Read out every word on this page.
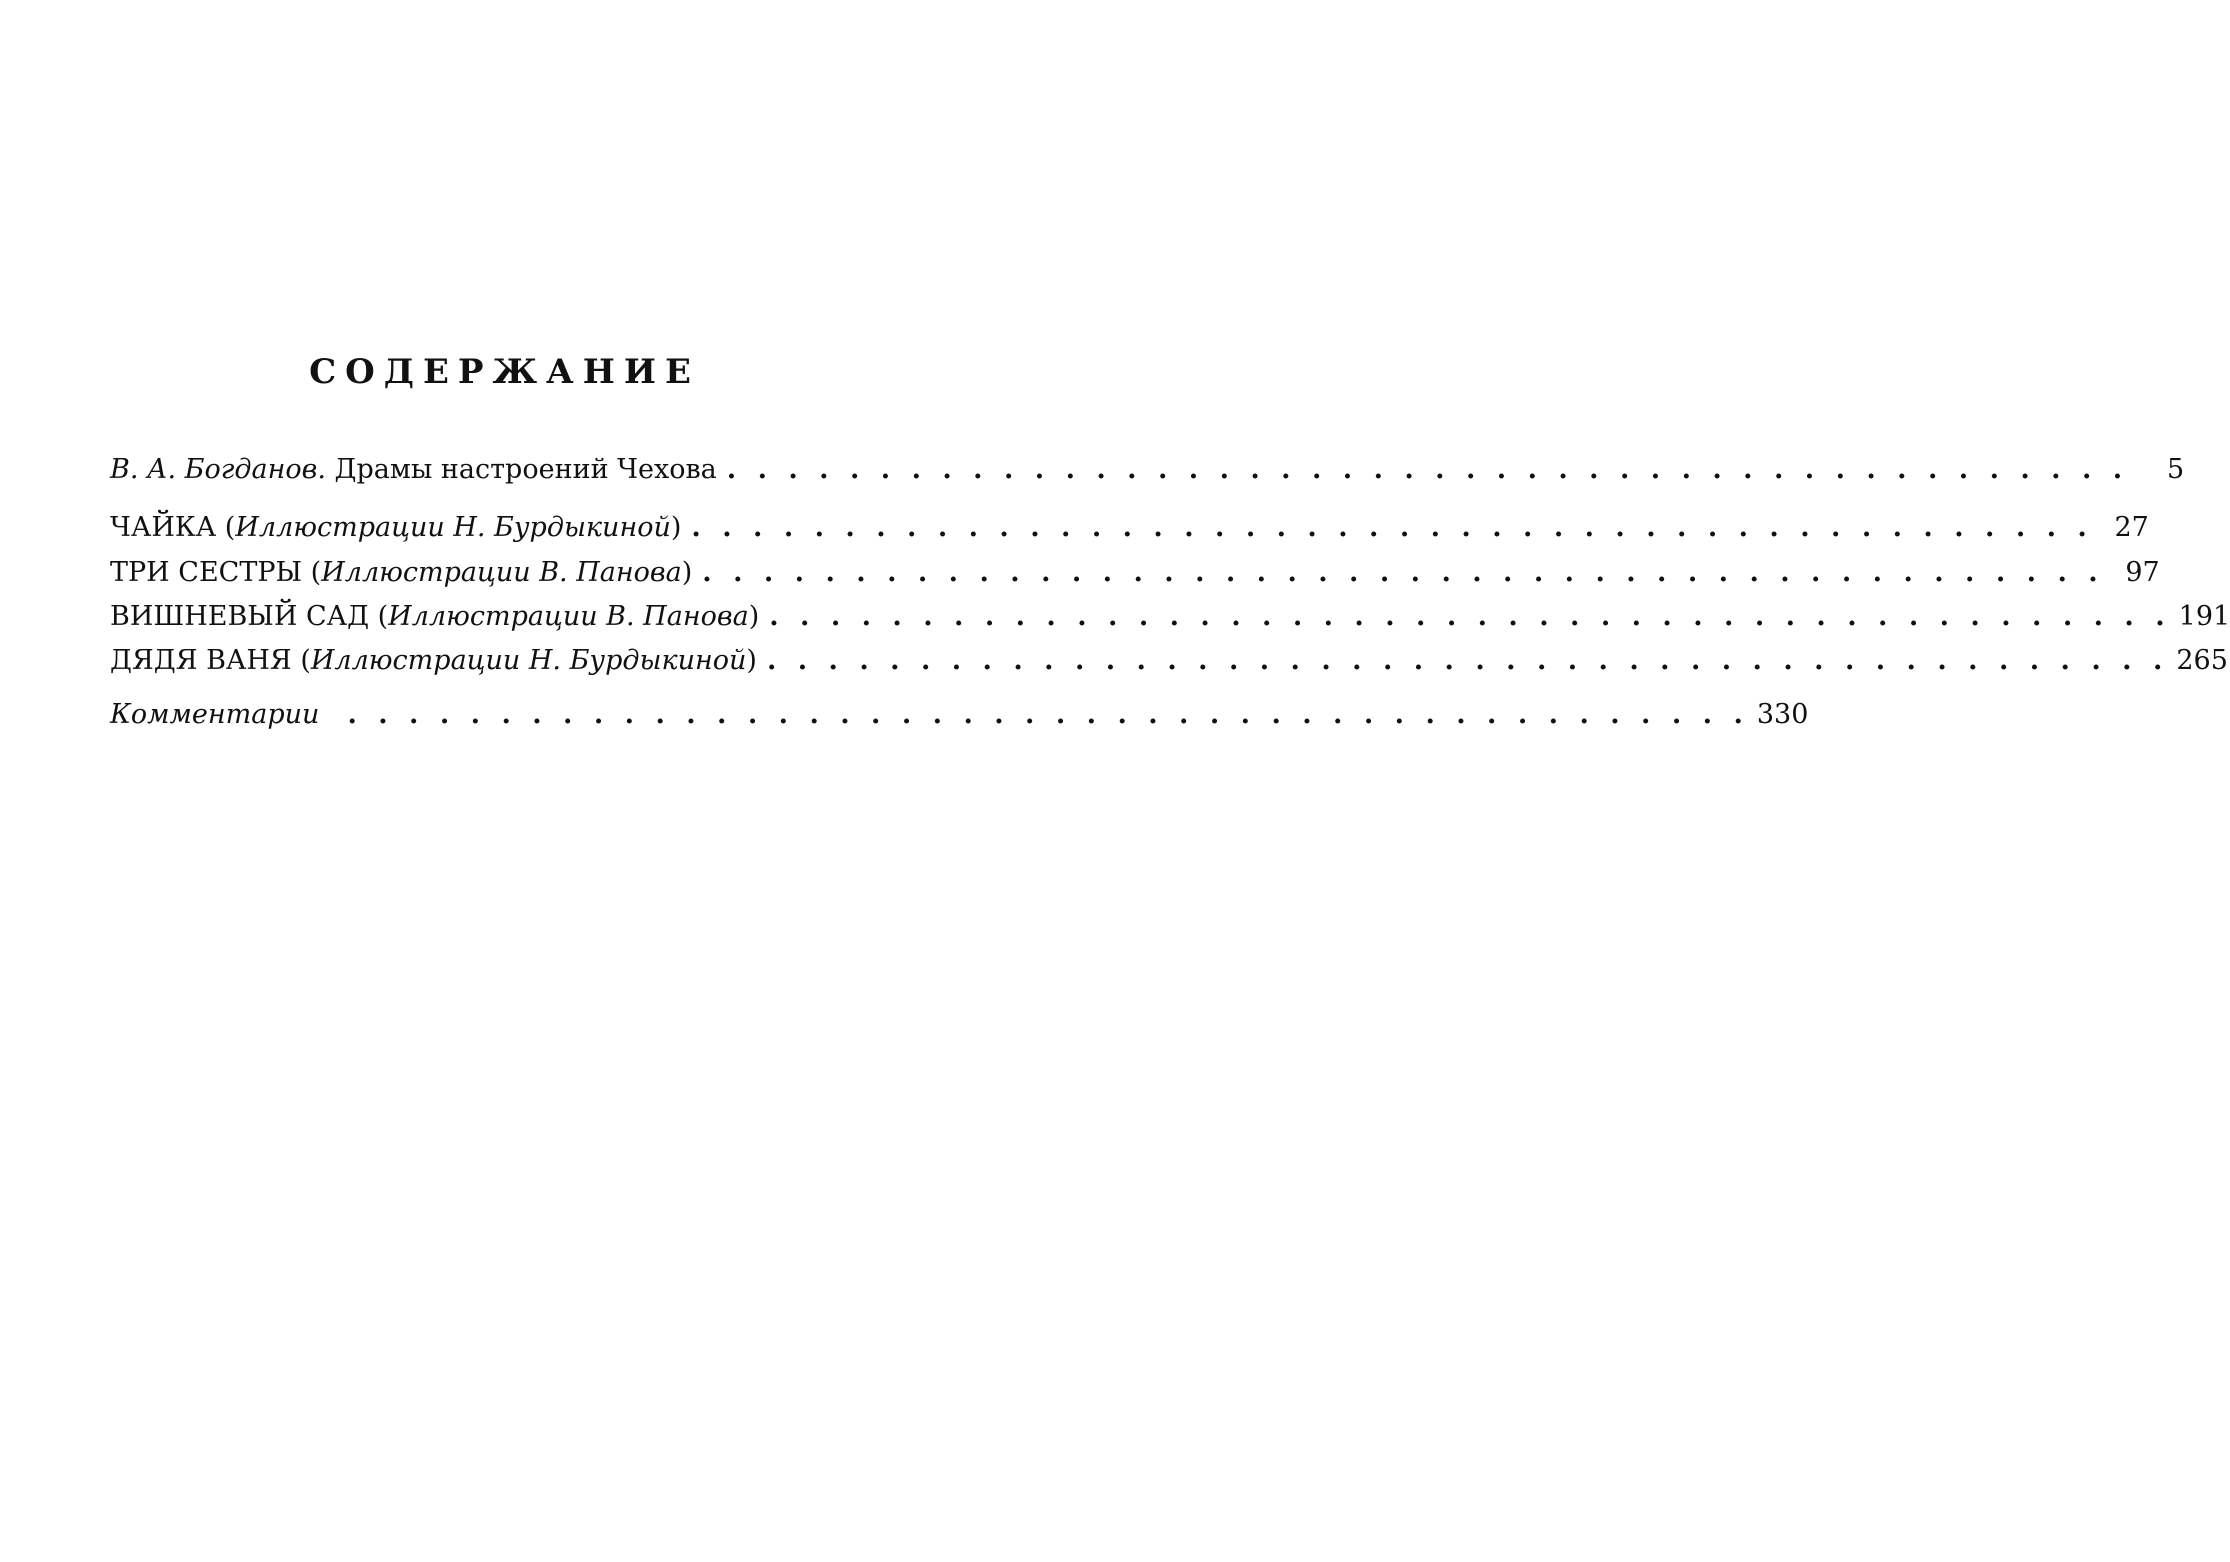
СОДЕРЖАНИЕ
В. А. Богданов. Драмы настроений Чехова . . . . . . . . . . . . . . . . . . . . . . . . . . . . . . . . . . . . . . . . . . . . . .	5
ЧАЙКА (Иллюстрации Н. Бурдыкиной) . . . . . . . . . . . . . . . . . . . . . . . . . . . . . . . . . . . . . . . . . . . . . . 27
ТРИ СЕСТРЫ (Иллюстрации В. Панова) . . . . . . . . . . . . . . . . . . . . . . . . . . . . . . . . . . . . . . . . . . . . . . 97
ВИШНЕВЫЙ САД (Иллюстрации В. Панова) . . . . . . . . . . . . . . . . . . . . . . . . . . . . . . . . . . . . . . . . . . . . . . 191
ДЯДЯ ВАНЯ (Иллюстрации Н. Бурдыкиной) . . . . . . . . . . . . . . . . . . . . . . . . . . . . . . . . . . . . . . . . . . . . . . 265
Комментарии . . . . . . . . . . . . . . . . . . . . . . . . . . . . . . . . . . . . . . . . . . . . . . 330
